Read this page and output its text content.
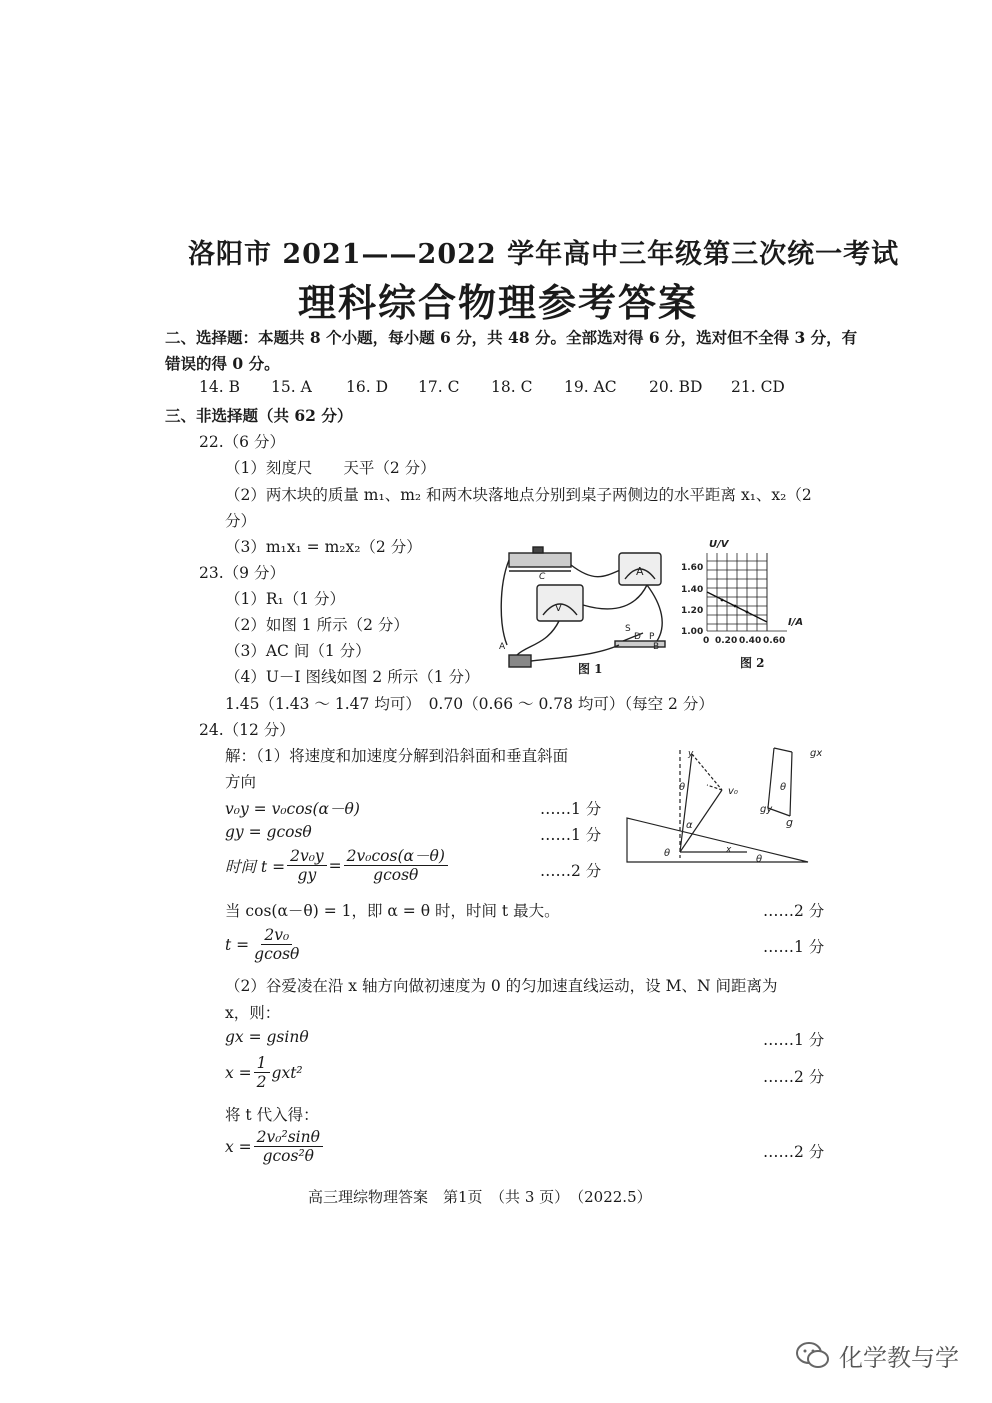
洛阳市 2021——2022 学年高中三年级第三次统一考试
理科综合物理参考答案
二、选择题：本题共 8 个小题，每小题 6 分，共 48 分。全部选对得 6 分，选对但不全得 3 分，有
错误的得 0 分。
14. B 15. A 16. D 17. C 18. C 19. AC 20. BD 21. CD
三、非选择题（共 62 分）
22.（6 分）
（1）刻度尺　　天平（2 分）
（2）两木块的质量 m₁、m₂ 和两木块落地点分别到桌子两侧边的水平距离 x₁、x₂（2
分）
（3）m₁x₁ = m₂x₂（2 分）
23.（9 分）
（1）R₁（1 分）
（2）如图 1 所示（2 分）
（3）AC 间（1 分）
（4）U－I 图线如图 2 所示（1 分）
1.45（1.43 ～ 1.47 均可）　0.70（0.66 ～ 0.78 均可）（每空 2 分）
C
A
V
A
S
D P
B
图 1
U/V
I/A
1.60
1.40
1.20
1.00
0 0.20 0.40 0.60
图 2
24.（12 分）
解：（1）将速度和加速度分解到沿斜面和垂直斜面
方向
v₀y = v₀cos(α－θ)
gy = gcosθ
时间 $t = \frac{\text{2v₀y}}{gy} = \frac{\text{2v₀cos(α－θ)}}{gcos\theta}$
……1 分
……1 分
……2 分
y
v₀
α
θ
θ	x
θ
gx
gy
g
θ
当 cos(α－θ) = 1，即 α = θ 时，时间 t 最大。	……2 分
$t = \frac{\text{2v₀}}{gcos\theta}$	……1 分
（2）谷爱凌在沿 x 轴方向做初速度为 0 的匀加速直线运动，设 M、N 间距离为
x，则：
gx = gsinθ	……1 分
$x = \frac{1}{2} gxt^2$	……2 分
将 t 代入得：
$x = \frac{\text{2v₀²sinθ}}{\text{gcos²θ}}$	……2 分
高三理综物理答案　第1页　（共 3 页）　（2022.5）
化学教与学
